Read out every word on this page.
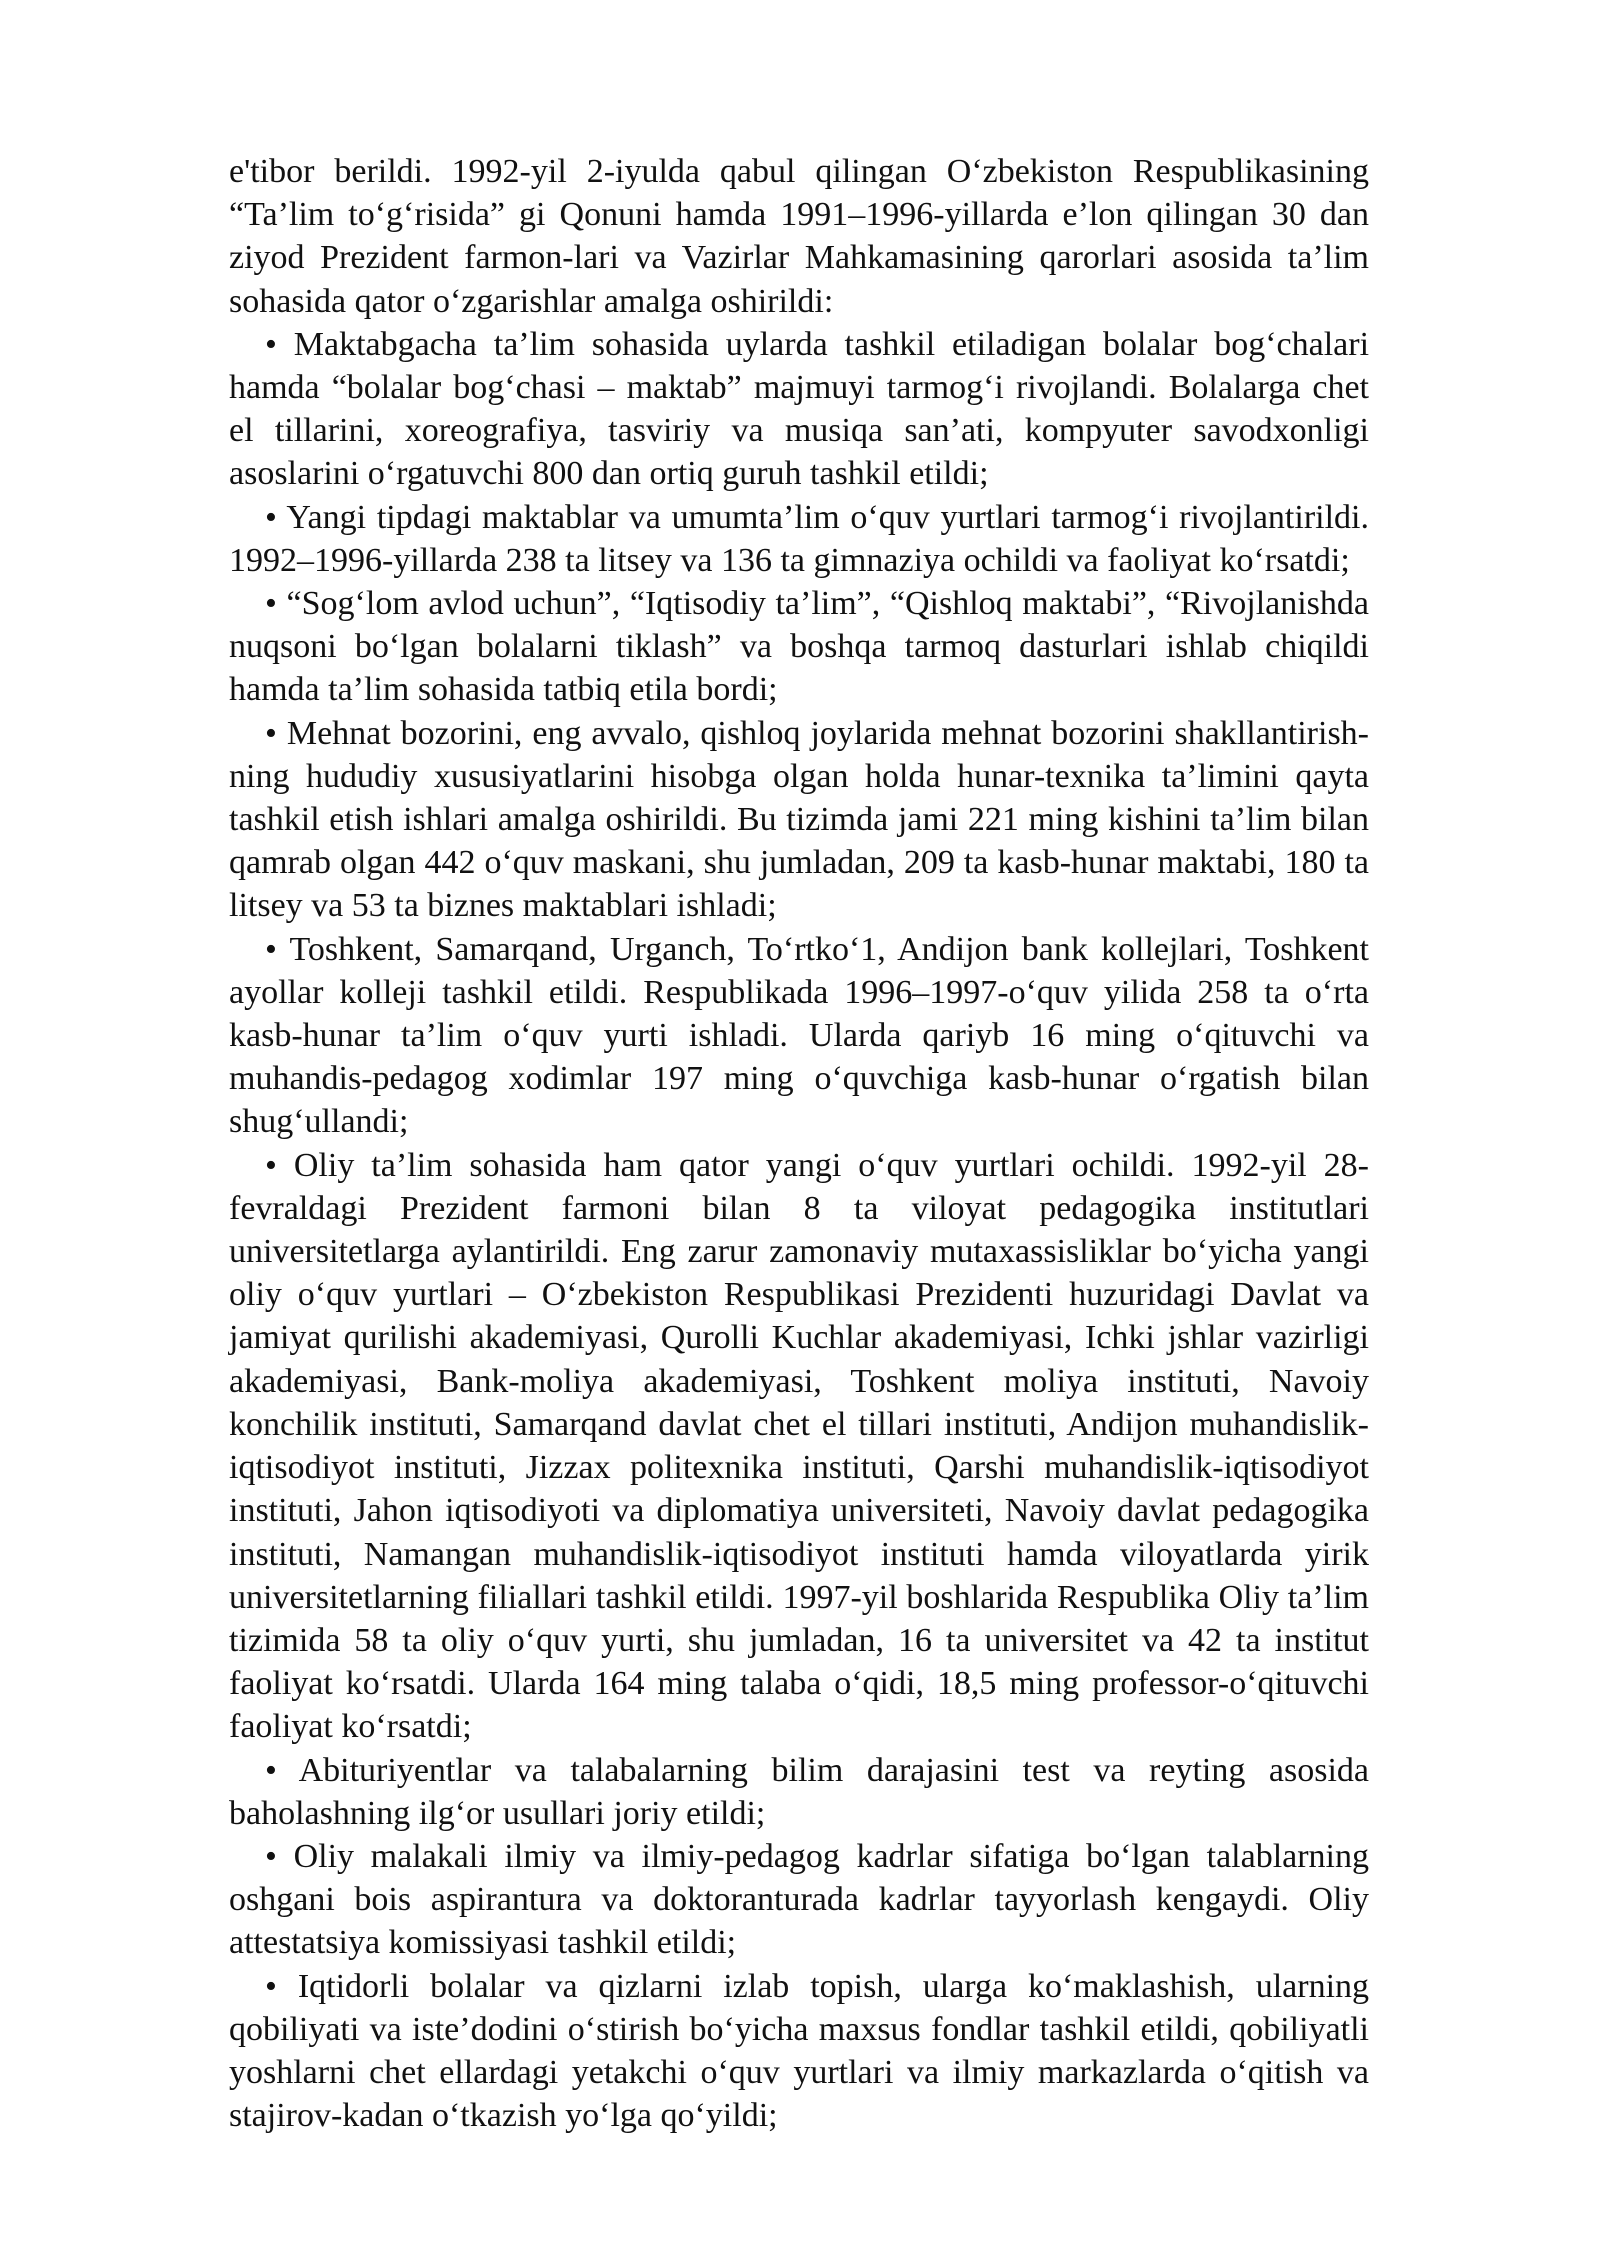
e'tibor berildi. 1992-yil 2-iyulda qabul qilingan O‘zbekiston Respublikasining “Ta’lim to‘g‘risida” gi Qonuni hamda 1991–1996-yillarda e’lon qilingan 30 dan ziyod Prezident farmon-lari va Vazirlar Mahkamasining qarorlari asosida ta’lim sohasida qator o‘zgarishlar amalga oshirildi:

• Maktabgacha ta’lim sohasida uylarda tashkil etiladigan bolalar bog‘chalari hamda “bolalar bog‘chasi – maktab” majmuyi tarmog‘i rivojlandi. Bolalarga chet el tillarini, xoreografiya, tasviriy va musiqa san’ati, kompyuter savodxonligi asoslarini o‘rgatuvchi 800 dan ortiq guruh tashkil etildi;

• Yangi tipdagi maktablar va umumta’lim o‘quv yurtlari tarmog‘i rivojlantirildi. 1992–1996-yillarda 238 ta litsey va 136 ta gimnaziya ochildi va faoliyat ko‘rsatdi;

• “Sog‘lom avlod uchun”, “Iqtisodiy ta’lim”, “Qishloq maktabi”, “Rivojlanishda nuqsoni bo‘lgan bolalarni tiklash” va boshqa tarmoq dasturlari ishlab chiqildi hamda ta’lim sohasida tatbiq etila bordi;

• Mehnat bozorini, eng avvalo, qishloq joylarida mehnat bozorini shakllantirish-ning hududiy xususiyatlarini hisobga olgan holda hunar-texnika ta’limini qayta tashkil etish ishlari amalga oshirildi. Bu tizimda jami 221 ming kishini ta’lim bilan qamrab olgan 442 o‘quv maskani, shu jumladan, 209 ta kasb-hunar maktabi, 180 ta litsey va 53 ta biznes maktablari ishladi;

• Toshkent, Samarqand, Urganch, To‘rtko‘1, Andijon bank kollejlari, Toshkent ayollar kolleji tashkil etildi. Respublikada 1996–1997-o‘quv yilida 258 ta o‘rta kasb-hunar ta’lim o‘quv yurti ishladi. Ularda qariyb 16 ming o‘qituvchi va muhandis-pedagog xodimlar 197 ming o‘quvchiga kasb-hunar o‘rgatish bilan shug‘ullandi;

• Oliy ta’lim sohasida ham qator yangi o‘quv yurtlari ochildi. 1992-yil 28-fevraldagi Prezident farmoni bilan 8 ta viloyat pedagogika institutlari universitetlarga aylantirildi. Eng zarur zamonaviy mutaxassisliklar bo‘yicha yangi oliy o‘quv yurtlari – O‘zbekiston Respublikasi Prezidenti huzuridagi Davlat va jamiyat qurilishi akademiyasi, Qurolli Kuchlar akademiyasi, Ichki jshlar vazirligi akademiyasi, Bank-moliya akademiyasi, Toshkent moliya instituti, Navoiy konchilik instituti, Samarqand davlat chet el tillari instituti, Andijon muhandislik-iqtisodiyot instituti, Jizzax politexnika instituti, Qarshi muhandislik-iqtisodiyot instituti, Jahon iqtisodiyoti va diplomatiya universiteti, Navoiy davlat pedagogika instituti, Namangan muhandislik-iqtisodiyot instituti hamda viloyatlarda yirik universitetlarning filiallari tashkil etildi. 1997-yil boshlarida Respublika Oliy ta’lim tizimida 58 ta oliy o‘quv yurti, shu jumladan, 16 ta universitet va 42 ta institut faoliyat ko‘rsatdi. Ularda 164 ming talaba o‘qidi, 18,5 ming professor-o‘qituvchi faoliyat ko‘rsatdi;

• Abituriyentlar va talabalarning bilim darajasini test va reyting asosida baholashning ilg‘or usullari joriy etildi;

• Oliy malakali ilmiy va ilmiy-pedagog kadrlar sifatiga bo‘lgan talablarning oshgani bois aspirantura va doktoranturada kadrlar tayyorlash kengaydi. Oliy attestatsiya komissiyasi tashkil etildi;

• Iqtidorli bolalar va qizlarni izlab topish, ularga ko‘maklashish, ularning qobiliyati va iste’dodini o‘stirish bo‘yicha maxsus fondlar tashkil etildi, qobiliyatli yoshlarni chet ellardagi yetakchi o‘quv yurtlari va ilmiy markazlarda o‘qitish va stajirov-kadan o‘tkazish yo‘lga qo‘yildi;
